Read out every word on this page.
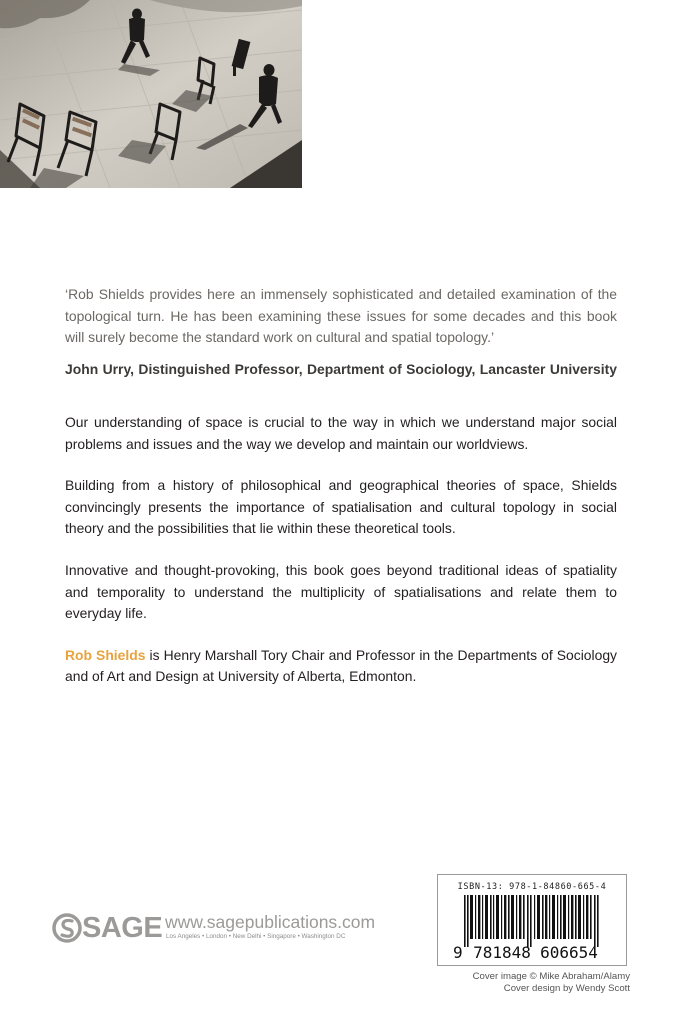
‘Rob Shields provides here an immensely sophisticated and detailed examination of the topological turn. He has been examining these issues for some decades and this book will surely become the standard work on cultural and spatial topology.’

John Urry, Distinguished Professor, Department of Sociology, Lancaster University

Our understanding of space is crucial to the way in which we understand major social problems and issues and the way we develop and maintain our worldviews.

Building from a history of philosophical and geographical theories of space, Shields convincingly presents the importance of spatialisation and cultural topology in social theory and the possibilities that lie within these theoretical tools.

Innovative and thought-provoking, this book goes beyond traditional ideas of spatiality and temporality to understand the multiplicity of spatialisations and relate them to everyday life.

Rob Shields is Henry Marshall Tory Chair and Professor in the Departments of Sociology and of Art and Design at University of Alberta, Edmonton.

SAGE www.sagepublications.com
Los Angeles • London • New Delhi • Singapore • Washington DC
ISBN-13: 978-1-84860-665-4
9 781848 606654
Cover image © Mike Abraham/Alamy
Cover design by Wendy Scott
